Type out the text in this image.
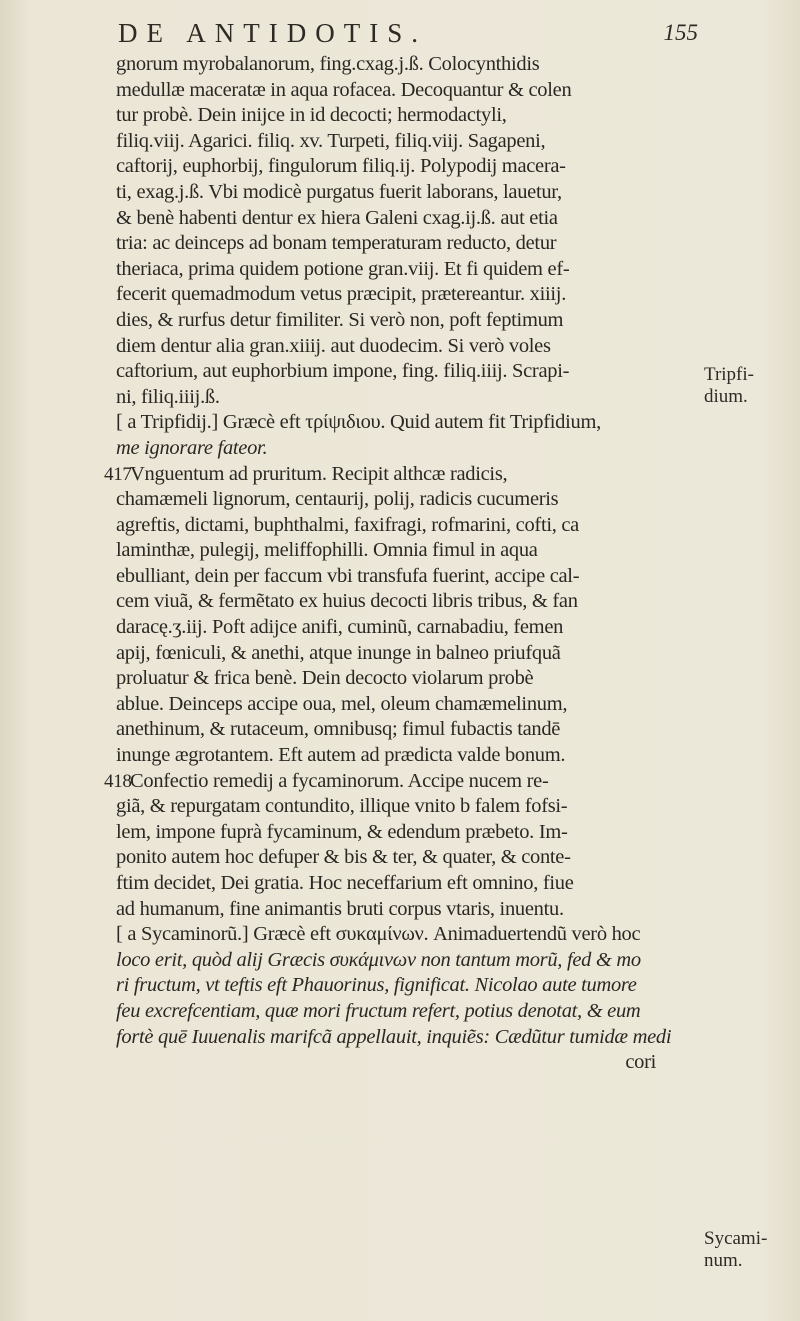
DE ANTIDOTIS.	155
gnorum myrobalanorum, fing.cxag.j.ß. Colocynthidis
medullæ maceratæ in aqua rofacea. Decoquantur & colen
tur probè. Dein inijce in id decocti; hermodactyli,
filiq.viij. Agarici. filiq. xv. Turpeti, filiq.viij. Sagapeni,
caftorij, euphorbij, fingulorum filiq.ij. Polypodij macera-
ti, exag.j.ß. Vbi modicè purgatus fuerit laborans, lauetur,
& benè habenti dentur ex hiera Galeni cxag.ij.ß. aut etia
tria: ac deinceps ad bonam temperaturam reducto, detur
theriaca, prima quidem potione gran.viij. Et fi quidem ef-
fecerit quemadmodum vetus præcipit, prætereantur. xiiij.
dies, & rurfus detur fimiliter. Si verò non, poft feptimum
diem dentur alia gran.xiiij. aut duodecim. Si verò voles
caftorium, aut euphorbium impone, fing. filiq.iiij. Scrapi-
ni, filiq.iiij.ß.
[ a Tripfidij.] Græcè eft τρίψιδιου. Quid autem fit Tripfidium,
me ignorare fateor.
417Vnguentum ad pruritum. Recipit althcæ radicis,
chamæmeli lignorum, centaurij, polij, radicis cucumeris
agreftis, dictami, buphthalmi, faxifragi, rofmarini, cofti, ca
laminthæ, pulegij, meliffophilli. Omnia fimul in aqua
ebulliant, dein per faccum vbi transfufa fuerint, accipe cal-
cem viuã, & fermẽtato ex huius decocti libris tribus, & fan
daracę.ʒ.iij. Poft adijce anifi, cuminũ, carnabadiu, femen
apij, fœniculi, & anethi, atque inunge in balneo priufquã
proluatur & frica benè. Dein decocto violarum probè
ablue. Deinceps accipe oua, mel, oleum chamæmelinum,
anethinum, & rutaceum, omnibusq; fimul fubactis tandē
inunge ægrotantem. Eft autem ad prædicta valde bonum.
418Confectio remedij a fycaminorum. Accipe nucem re-
giã, & repurgatam contundito, illique vnito b falem fofsi-
lem, impone fuprà fycaminum, & edendum præbeto. Im-
ponito autem hoc defuper & bis & ter, & quater, & conte-
ftim decidet, Dei gratia. Hoc neceffarium eft omnino, fiue
ad humanum, fine animantis bruti corpus vtaris, inuentu.
[ a Sycaminorũ.] Græcè eft συκαμίνων. Animaduertendũ verò hoc
loco erit, quòd alij Græcis συκάμινων non tantum morũ, fed & mo
ri fructum, vt teftis eft Phauorinus, fignificat. Nicolao aute tumore
feu excrefcentiam, quæ mori fructum refert, potius denotat, & eum
fortè quē Iuuenalis marifcã appellauit, inquiẽs: Cædũtur tumidæ medi
cori
Tripfi- dium.
Sycami- num.
